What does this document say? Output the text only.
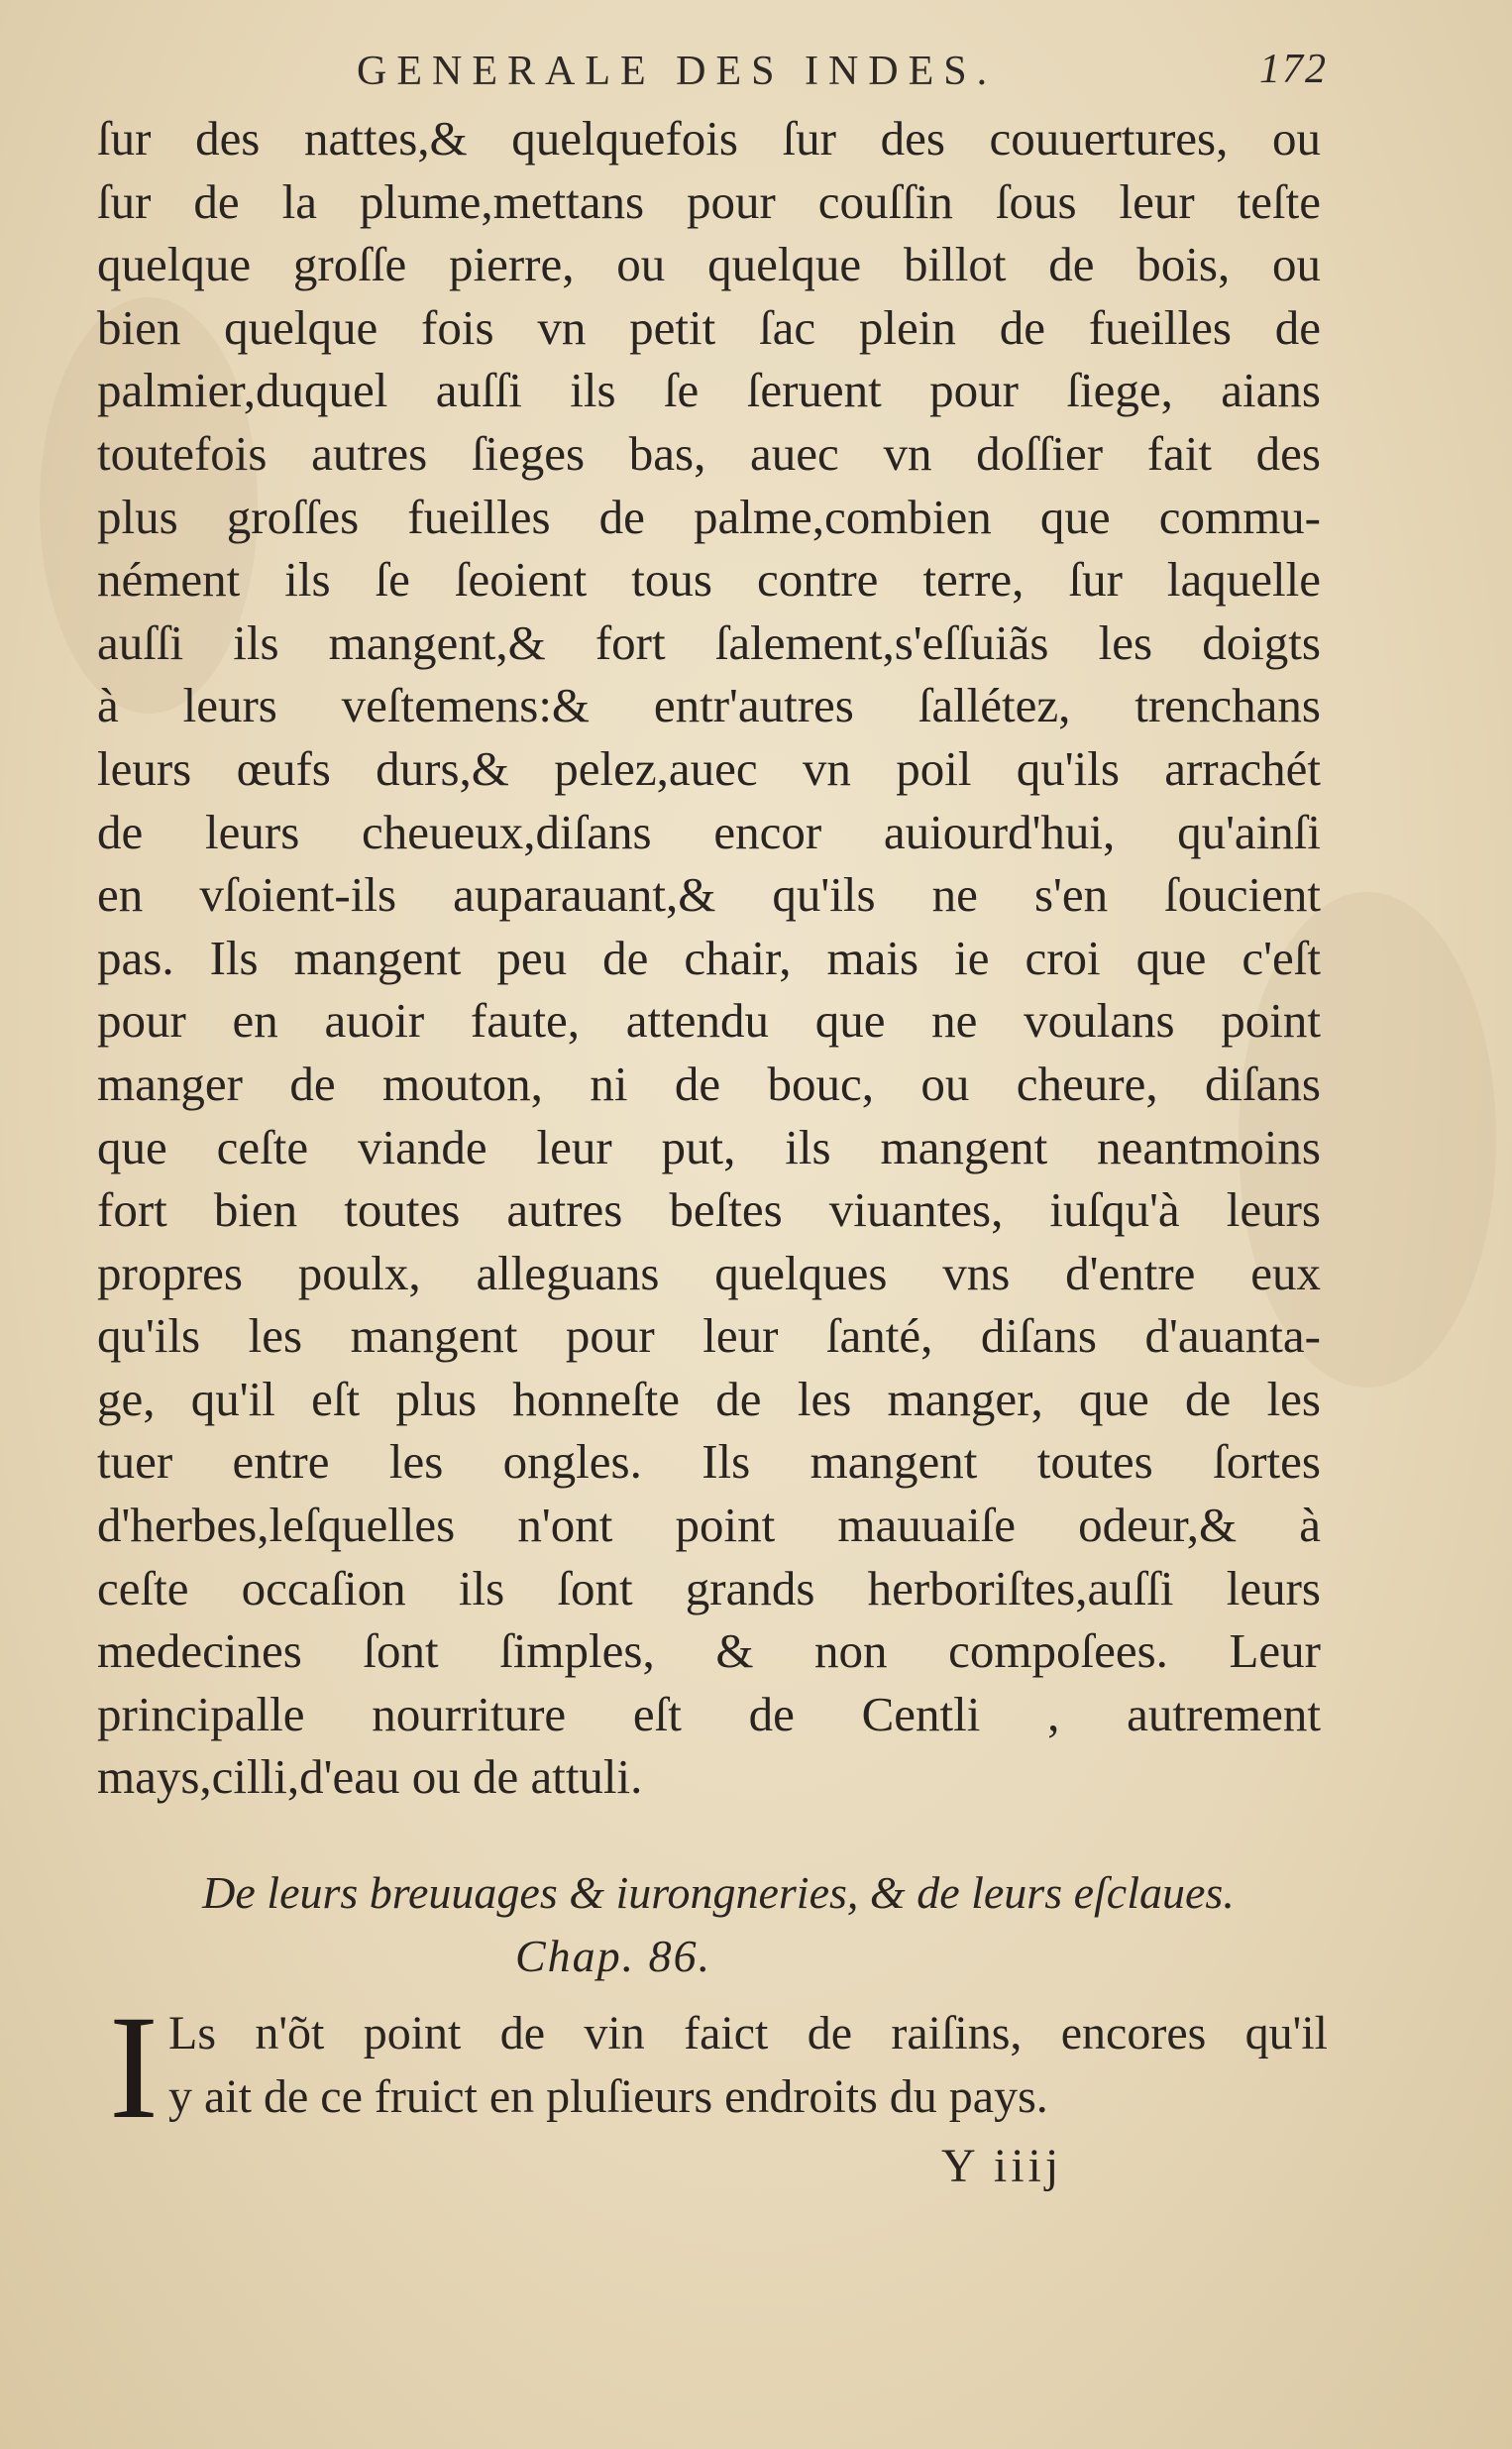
GENERALE DES INDES.	172
ſur des nattes,& quelquefois ſur des couuertures, ou
ſur de la plume,mettans pour couſſin ſous leur teſte
quelque groſſe pierre, ou quelque billot de bois, ou
bien quelque fois vn petit ſac plein de fueilles de
palmier,duquel auſſi ils ſe ſeruent pour ſiege, aians
toutefois autres ſieges bas, auec vn doſſier fait des
plus groſſes fueilles de palme,combien que commu-
nément ils ſe ſeoient tous contre terre, ſur laquelle
auſſi ils mangent,& fort ſalement,s'eſſuiãs les doigts
à leurs veſtemens:& entr'autres ſallétez, trenchans
leurs œufs durs,& pelez,auec vn poil qu'ils arrachét
de leurs cheueux,diſans encor auiourd'hui, qu'ainſi
en vſoient-ils auparauant,& qu'ils ne s'en ſoucient
pas. Ils mangent peu de chair, mais ie croi que c'eſt
pour en auoir faute, attendu que ne voulans point
manger de mouton, ni de bouc, ou cheure, diſans
que ceſte viande leur put, ils mangent neantmoins
fort bien toutes autres beſtes viuantes, iuſqu'à leurs
propres poulx, alleguans quelques vns d'entre eux
qu'ils les mangent pour leur ſanté, diſans d'auanta-
ge, qu'il eſt plus honneſte de les manger, que de les
tuer entre les ongles. Ils mangent toutes ſortes
d'herbes,leſquelles n'ont point mauuaiſe odeur,& à
ceſte occaſion ils ſont grands herboriſtes,auſſi leurs
medecines ſont ſimples, & non compoſees. Leur
principalle nourriture eſt de Centli , autrement
mays,cilli,d'eau ou de attuli.
De leurs breuuages & iurongneries, & de leurs eſclaues.
Chap. 86.
I Ls n'õt point de vin faict de raiſins, encores qu'il
y ait de ce fruict en pluſieurs endroits du pays.
Y iiij
